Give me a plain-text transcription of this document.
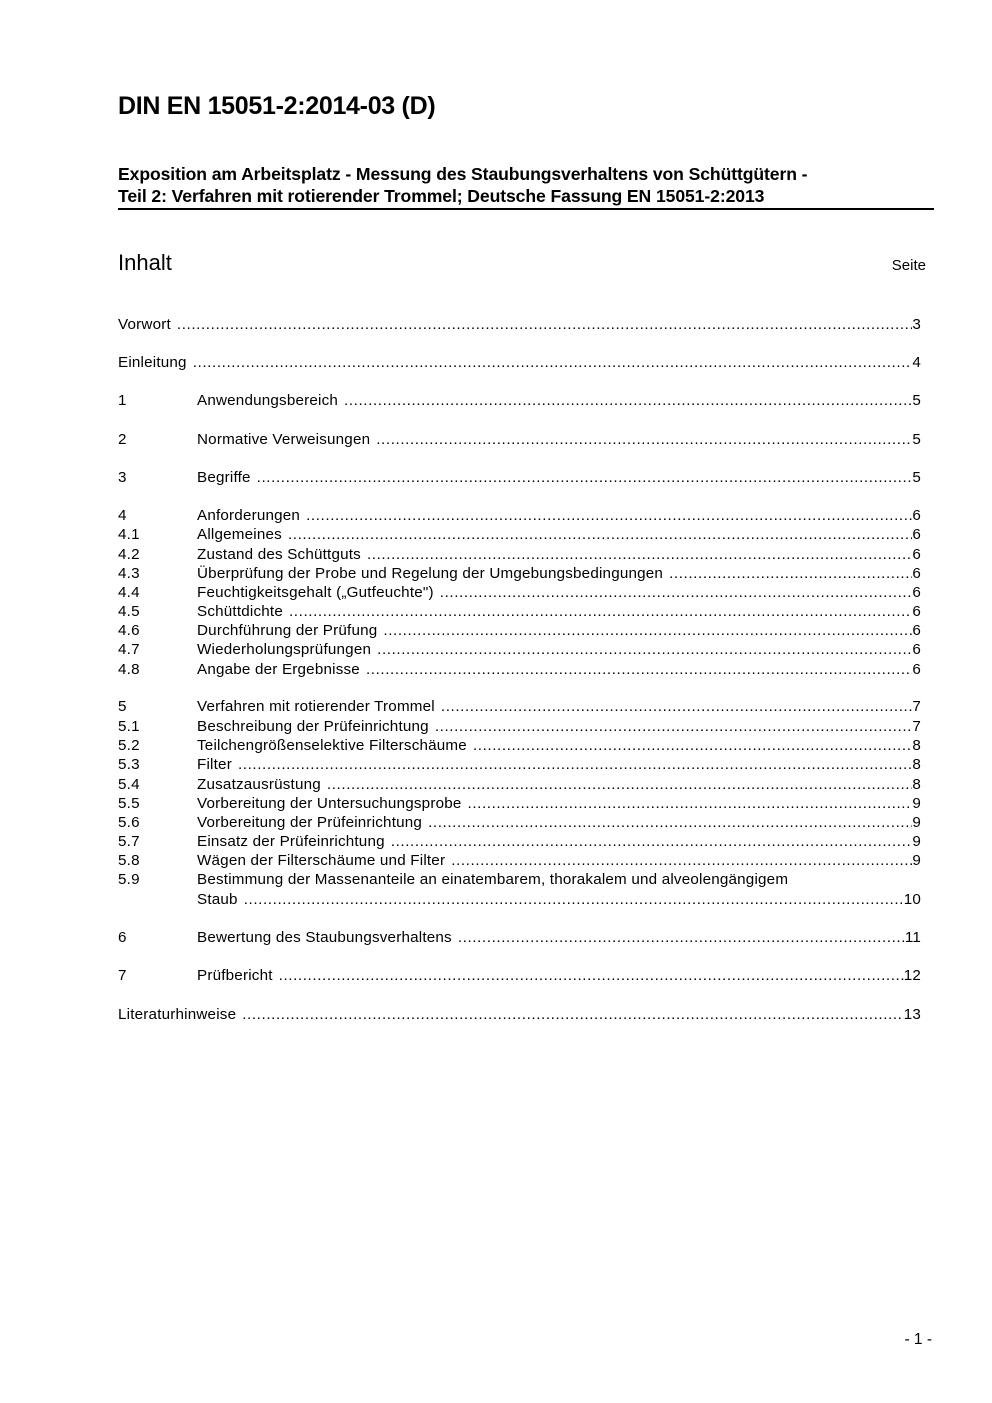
DIN EN 15051-2:2014-03 (D)
Exposition am Arbeitsplatz - Messung des Staubungsverhaltens von Schüttgütern -
Teil 2: Verfahren mit rotierender Trommel; Deutsche Fassung EN 15051-2:2013
Inhalt	Seite
Vorwort .....	3
Einleitung .....	4
1	Anwendungsbereich .....	5
2	Normative Verweisungen .....	5
3	Begriffe .....	5
4	Anforderungen .....	6
4.1	Allgemeines .....	6
4.2	Zustand des Schüttguts .....	6
4.3	Überprüfung der Probe und Regelung der Umgebungsbedingungen .....	6
4.4	Feuchtigkeitsgehalt („Gutfeuchte") .....	6
4.5	Schüttdichte .....	6
4.6	Durchführung der Prüfung .....	6
4.7	Wiederholungsprüfungen .....	6
4.8	Angabe der Ergebnisse .....	6
5	Verfahren mit rotierender Trommel .....	7
5.1	Beschreibung der Prüfeinrichtung .....	7
5.2	Teilchengrößenselektive Filterschäume .....	8
5.3	Filter .....	8
5.4	Zusatzausrüstung .....	8
5.5	Vorbereitung der Untersuchungsprobe .....	9
5.6	Vorbereitung der Prüfeinrichtung .....	9
5.7	Einsatz der Prüfeinrichtung .....	9
5.8	Wägen der Filterschäume und Filter .....	9
5.9	Bestimmung der Massenanteile an einatembarem, thorakalem und alveolengängigem
Staub .....	10
6	Bewertung des Staubungsverhaltens .....	11
7	Prüfbericht .....	12
Literaturhinweise .....	13
- 1 -
